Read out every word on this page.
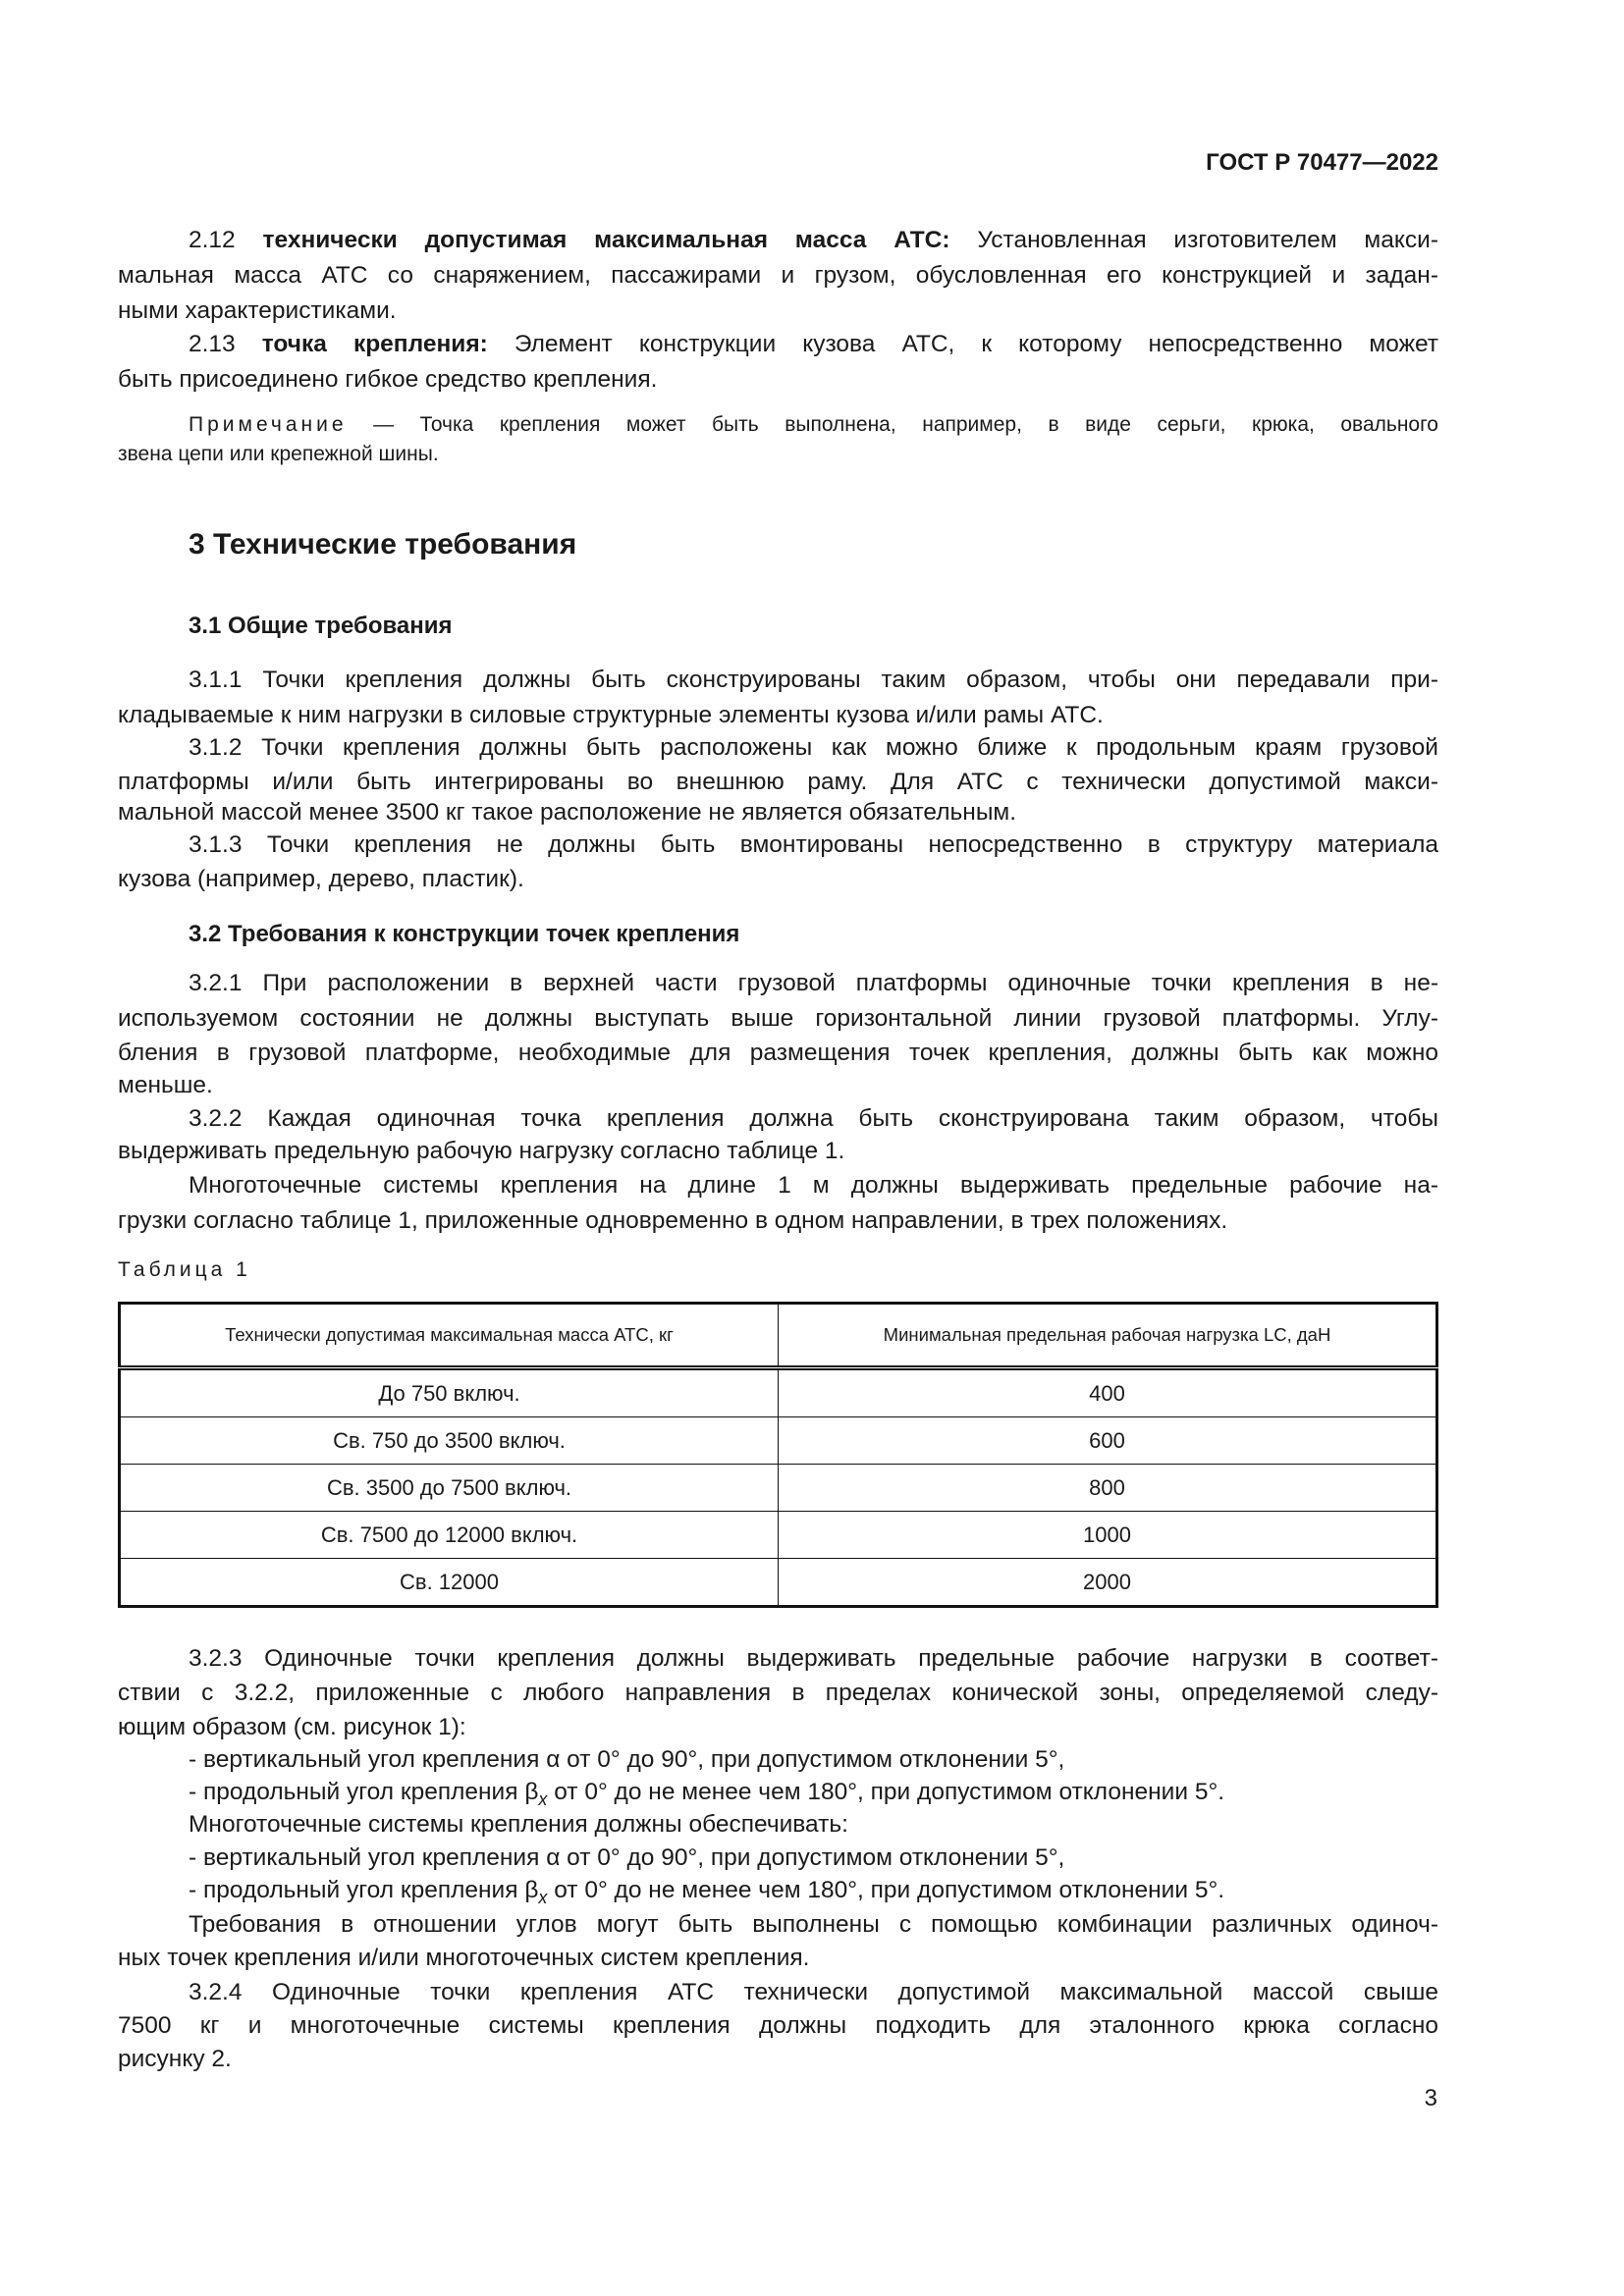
ГОСТ Р 70477—2022
2.12 технически допустимая максимальная масса АТС: Установленная изготовителем макси-
мальная масса АТС со снаряжением, пассажирами и грузом, обусловленная его конструкцией и задан-
ными характеристиками.
2.13 точка крепления: Элемент конструкции кузова АТС, к которому непосредственно может
быть присоединено гибкое средство крепления.
Примечание — Точка крепления может быть выполнена, например, в виде серьги, крюка, овального
звена цепи или крепежной шины.
3 Технические требования
3.1 Общие требования
3.1.1 Точки крепления должны быть сконструированы таким образом, чтобы они передавали при-
кладываемые к ним нагрузки в силовые структурные элементы кузова и/или рамы АТС.
3.1.2 Точки крепления должны быть расположены как можно ближе к продольным краям грузовой
платформы и/или быть интегрированы во внешнюю раму. Для АТС с технически допустимой макси-
мальной массой менее 3500 кг такое расположение не является обязательным.
3.1.3 Точки крепления не должны быть вмонтированы непосредственно в структуру материала
кузова (например, дерево, пластик).
3.2 Требования к конструкции точек крепления
3.2.1 При расположении в верхней части грузовой платформы одиночные точки крепления в не-
используемом состоянии не должны выступать выше горизонтальной линии грузовой платформы. Углу-
бления в грузовой платформе, необходимые для размещения точек крепления, должны быть как можно
меньше.
3.2.2 Каждая одиночная точка крепления должна быть сконструирована таким образом, чтобы
выдерживать предельную рабочую нагрузку согласно таблице 1.
Многоточечные системы крепления на длине 1 м должны выдерживать предельные рабочие на-
грузки согласно таблице 1, приложенные одновременно в одном направлении, в трех положениях.
Таблица 1
Технически допустимая максимальная масса АТС, кг	Минимальная предельная рабочая нагрузка LC, даН
До 750 включ.	400
Св. 750 до 3500 включ.	600
Св. 3500 до 7500 включ.	800
Св. 7500 до 12000 включ.	1000
Св. 12000	2000
3.2.3 Одиночные точки крепления должны выдерживать предельные рабочие нагрузки в соответ-
ствии с 3.2.2, приложенные с любого направления в пределах конической зоны, определяемой следу-
ющим образом (см. рисунок 1):
- вертикальный угол крепления α от 0° до 90°, при допустимом отклонении 5°,
- продольный угол крепления $\beta_x$ от 0° до не менее чем 180°, при допустимом отклонении 5°.
Многоточечные системы крепления должны обеспечивать:
- вертикальный угол крепления α от 0° до 90°, при допустимом отклонении 5°,
- продольный угол крепления $\beta_x$ от 0° до не менее чем 180°, при допустимом отклонении 5°.
Требования в отношении углов могут быть выполнены с помощью комбинации различных одиноч-
ных точек крепления и/или многоточечных систем крепления.
3.2.4 Одиночные точки крепления АТС технически допустимой максимальной массой свыше
7500 кг и многоточечные системы крепления должны подходить для эталонного крюка согласно
рисунку 2.
3
